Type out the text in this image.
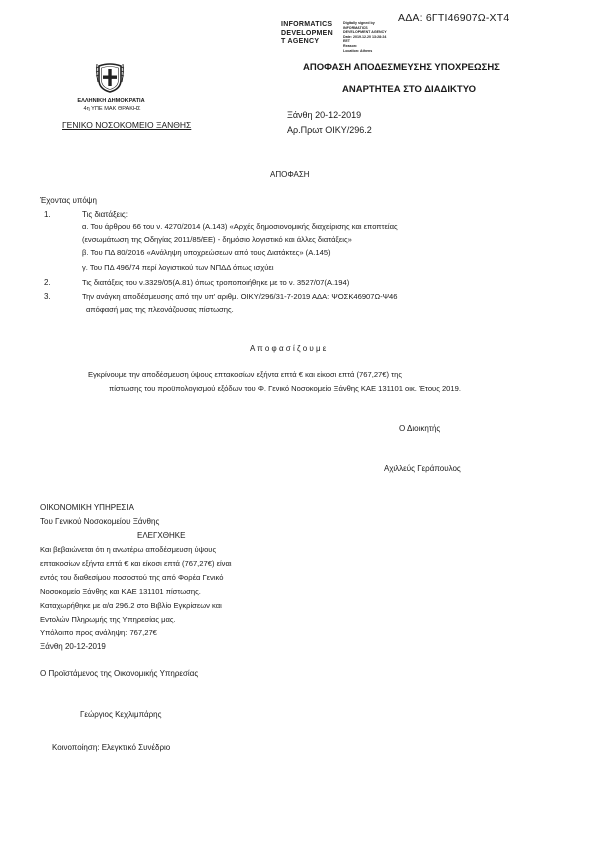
ΑΔΑ: 6ΓΤΙ46907Ω-ΧΤ4
INFORMATICS
DEVELOPMEN
T AGENCY
Digitally signed by
INFORMATICS
DEVELOPMENT AGENCY
Date: 2019.12.20 13:28:24
EET
Reason:
Location: Athens
ΕΛΛΗΝΙΚΗ ΔΗΜΟΚΡΑΤΙΑ
4η ΥΠΕ ΜΑΚ ΘΡΑΚΗΣ
ΓΕΝΙΚΟ ΝΟΣΟΚΟΜΕΙΟ ΞΑΝΘΗΣ
ΑΠΟΦΑΣΗ ΑΠΟΔΕΣΜΕΥΣΗΣ ΥΠΟΧΡΕΩΣΗΣ
ΑΝΑΡΤΗΤΕΑ ΣΤΟ ΔΙΑΔΙΚΤΥΟ
Ξάνθη 20-12-2019
Αρ.Πρωτ ΟΙΚΥ/296.2
ΑΠΟΦΑΣΗ
Έχοντας υπόψη
1.	Τις διατάξεις:
α. Του άρθρου 66 του ν. 4270/2014 (Α.143) «Αρχές δημοσιονομικής διαχείρισης και εποπτείας
(ενσωμάτωση της Οδηγίας 2011/85/ΕΕ) - δημόσιο λογιστικό και άλλες διατάξεις»
β. Του ΠΔ 80/2016 «Ανάληψη υποχρεώσεων από τους Διατάκτες» (Α.145)
γ. Του ΠΔ 496/74 περί λογιστικού των ΝΠΔΔ όπως ισχύει
2.	Τις διατάξεις του ν.3329/05(Α.81) όπως τροποποιήθηκε με το ν. 3527/07(Α.194)
3.	Την ανάγκη αποδέσμευσης από την υπ' αριθμ. ΟΙΚΥ/296/31-7-2019 ΑΔΑ: ΨΟΣΚ46907Ω-Ψ46
απόφασή μας της πλεονάζουσας πίστωσης.
Α π ο φ α σ ί ζ ο υ μ ε
Εγκρίνουμε την αποδέσμευση ύψους επτακοσίων εξήντα επτά € και είκοσι επτά (767,27€) της
πίστωσης του προϋπολογισμού εξόδων του Φ. Γενικό Νοσοκομείο Ξάνθης ΚΑΕ 131101 οικ. Έτους 2019.
Ο Διοικητής
Αχιλλεύς Γεράπουλος
ΟΙΚΟΝΟΜΙΚΗ ΥΠΗΡΕΣΙΑ
Του Γενικού Νοσοκομείου Ξάνθης
ΕΛΕΓΧΘΗΚΕ
Και βεβαιώνεται ότι η ανωτέρω αποδέσμευση ύψους
επτακοσίων εξήντα επτά € και είκοσι επτά (767,27€) είναι
εντός του διαθεσίμου ποσοστού της από Φορέα Γενικό
Νοσοκομείο Ξάνθης και ΚΑΕ 131101 πίστωσης.
Καταχωρήθηκε με α/α 296.2 στο Βιβλίο Εγκρίσεων και
Εντολών Πληρωμής της Υπηρεσίας μας.
Υπόλοιπο προς ανάληψη: 767,27€
Ξάνθη 20-12-2019
Ο Προϊστάμενος της Οικονομικής Υπηρεσίας
Γεώργιος Κεχλιμπάρης
Κοινοποίηση: Ελεγκτικό Συνέδριο
